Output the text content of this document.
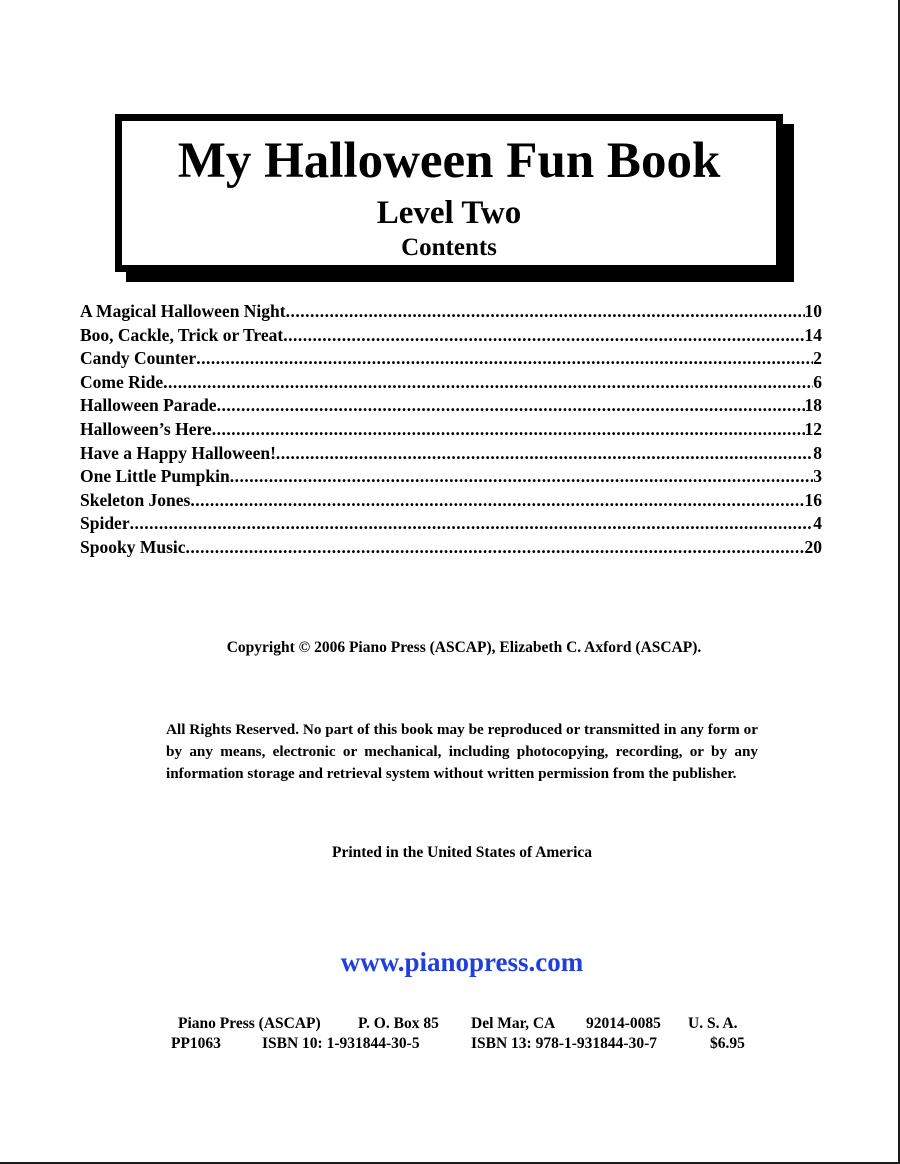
My Halloween Fun Book
Level Two
Contents
A Magical Halloween Night .....	10
Boo, Cackle, Trick or Treat .....	14
Candy Counter .....	2
Come Ride .....	6
Halloween Parade .....	18
Halloween’s Here .....	12
Have a Happy Halloween! .....	8
One Little Pumpkin .....	3
Skeleton Jones .....	16
Spider .....	4
Spooky Music .....	20
Copyright © 2006 Piano Press (ASCAP), Elizabeth C. Axford (ASCAP).
All Rights Reserved. No part of this book may be reproduced or transmitted in any form or by any means, electronic or mechanical, including photocopying, recording, or by any information storage and retrieval system without written permission from the publisher.
Printed in the United States of America
www.pianopress.com
Piano Press (ASCAP) P. O. Box 85 Del Mar, CA 92014-0085 U. S. A.
PP1063	ISBN 10: 1-931844-30-5	ISBN 13: 978-1-931844-30-7	$6.95
